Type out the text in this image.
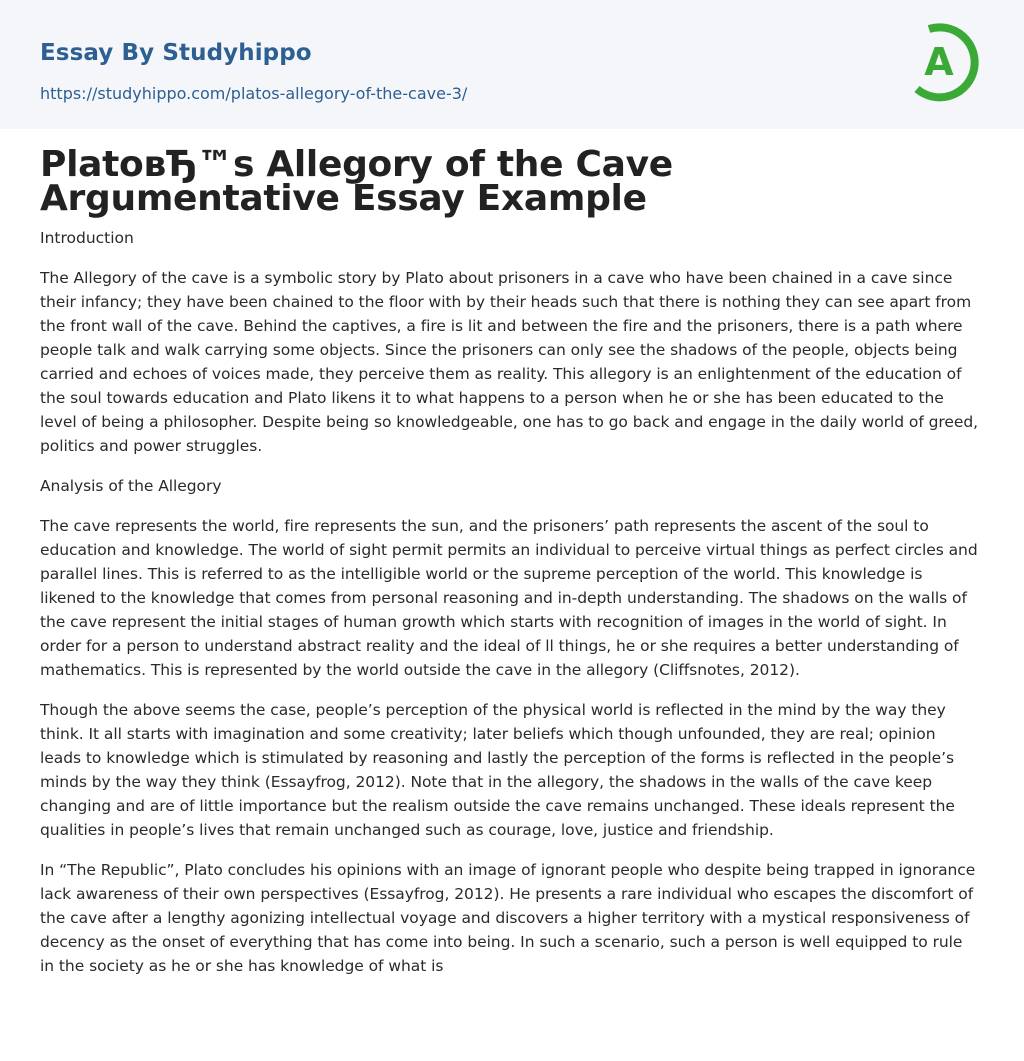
Essay By Studyhippo
https://studyhippo.com/platos-allegory-of-the-cave-3/
A
PlatoвЂ™s Allegory of the Cave Argumentative Essay Example

Introduction

The Allegory of the cave is a symbolic story by Plato about prisoners in a cave who have been chained in a cave since their infancy; they have been chained to the floor with by their heads such that there is nothing they can see apart from the front wall of the cave. Behind the captives, a fire is lit and between the fire and the prisoners, there is a path where people talk and walk carrying some objects. Since the prisoners can only see the shadows of the people, objects being carried and echoes of voices made, they perceive them as reality. This allegory is an enlightenment of the education of the soul towards education and Plato likens it to what happens to a person when he or she has been educated to the level of being a philosopher. Despite being so knowledgeable, one has to go back and engage in the daily world of greed, politics and power struggles.

Analysis of the Allegory

The cave represents the world, fire represents the sun, and the prisoners’ path represents the ascent of the soul to education and knowledge. The world of sight permit permits an individual to perceive virtual things as perfect circles and parallel lines. This is referred to as the intelligible world or the supreme perception of the world. This knowledge is likened to the knowledge that comes from personal reasoning and in-depth understanding. The shadows on the walls of the cave represent the initial stages of human growth which starts with recognition of images in the world of sight. In order for a person to understand abstract reality and the ideal of ll things, he or she requires a better understanding of mathematics. This is represented by the world outside the cave in the allegory (Cliffsnotes, 2012).

Though the above seems the case, people’s perception of the physical world is reflected in the mind by the way they think. It all starts with imagination and some creativity; later beliefs which though unfounded, they are real; opinion leads to knowledge which is stimulated by reasoning and lastly the perception of the forms is reflected in the people’s minds by the way they think (Essayfrog, 2012). Note that in the allegory, the shadows in the walls of the cave keep changing and are of little importance but the realism outside the cave remains unchanged. These ideals represent the qualities in people’s lives that remain unchanged such as courage, love, justice and friendship.

In “The Republic”, Plato concludes his opinions with an image of ignorant people who despite being trapped in ignorance lack awareness of their own perspectives (Essayfrog, 2012). He presents a rare individual who escapes the discomfort of the cave after a lengthy agonizing intellectual voyage and discovers a higher territory with a mystical responsiveness of decency as the onset of everything that has come into being. In such a scenario, such a person is well equipped to rule in the society as he or she has knowledge of what is
